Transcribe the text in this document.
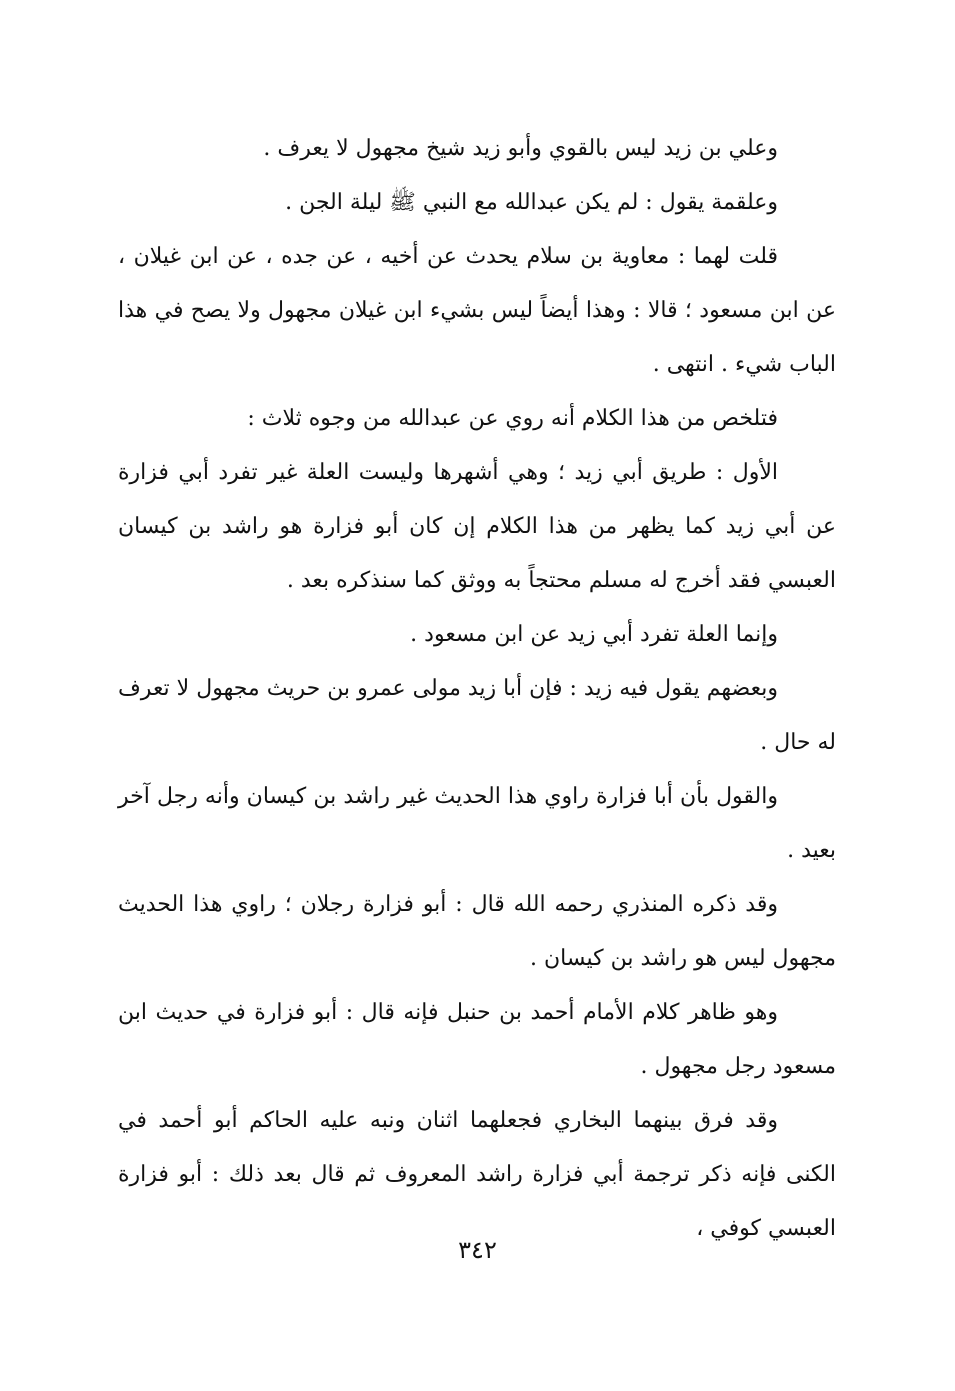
وعلي بن زيد ليس بالقوي وأبو زيد شيخ مجهول لا يعرف .

وعلقمة يقول : لم يكن عبدالله مع النبي ﷺ ليلة الجن .

قلت لهما : معاوية بن سلام يحدث عن أخيه ، عن جده ، عن ابن غيلان ، عن ابن مسعود ؛ قالا : وهذا أيضاً ليس بشيء ابن غيلان مجهول ولا يصح في هذا الباب شيء . انتهى .

فتلخص من هذا الكلام أنه روي عن عبدالله من وجوه ثلاث :

الأول : طريق أبي زيد ؛ وهي أشهرها وليست العلة غير تفرد أبي فزارة عن أبي زيد كما يظهر من هذا الكلام إن كان أبو فزارة هو راشد بن كيسان العبسي فقد أخرج له مسلم محتجاً به ووثق كما سنذكره بعد .

وإنما العلة تفرد أبي زيد عن ابن مسعود .

وبعضهم يقول فيه زيد : فإن أبا زيد مولى عمرو بن حريث مجهول لا تعرف له حال .

والقول بأن أبا فزارة راوي هذا الحديث غير راشد بن كيسان وأنه رجل آخر بعيد .

وقد ذكره المنذري رحمه الله قال : أبو فزارة رجلان ؛ راوي هذا الحديث مجهول ليس هو راشد بن كيسان .

وهو ظاهر كلام الأمام أحمد بن حنبل فإنه قال : أبو فزارة في حديث ابن مسعود رجل مجهول .

وقد فرق بينهما البخاري فجعلهما اثنان ونبه عليه الحاكم أبو أحمد في الكنى فإنه ذكر ترجمة أبي فزارة راشد المعروف ثم قال بعد ذلك : أبو فزارة العبسي كوفي ،

٣٤٢
